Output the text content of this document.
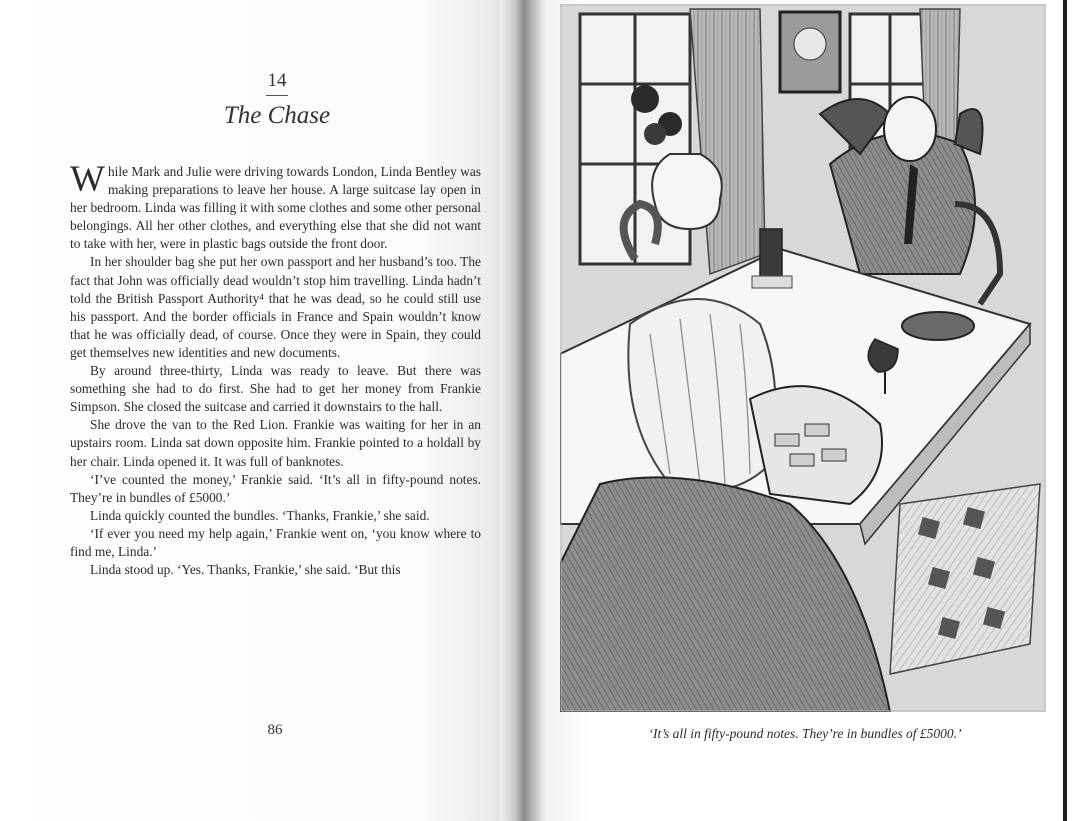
14
The Chase

While Mark and Julie were driving towards London, Linda Bentley was making preparations to leave her house. A large suitcase lay open in her bedroom. Linda was filling it with some clothes and some other personal belongings. All her other clothes, and everything else that she did not want to take with her, were in plastic bags outside the front door.

In her shoulder bag she put her own passport and her husband’s too. The fact that John was officially dead wouldn’t stop him travelling. Linda hadn’t told the British Passport Authority⁴ that he was dead, so he could still use his passport. And the border officials in France and Spain wouldn’t know that he was officially dead, of course. Once they were in Spain, they could get themselves new identities and new documents.

By around three-thirty, Linda was ready to leave. But there was something she had to do first. She had to get her money from Frankie Simpson. She closed the suitcase and carried it downstairs to the hall.

She drove the van to the Red Lion. Frankie was waiting for her in an upstairs room. Linda sat down opposite him. Frankie pointed to a holdall by her chair. Linda opened it. It was full of banknotes.

‘I’ve counted the money,’ Frankie said. ‘It’s all in fifty-pound notes. They’re in bundles of £5000.’

Linda quickly counted the bundles. ‘Thanks, Frankie,’ she said.

‘If ever you need my help again,’ Frankie went on, ‘you know where to find me, Linda.’

Linda stood up. ‘Yes. Thanks, Frankie,’ she said. ‘But this

86	‘It’s all in fifty-pound notes. They’re in bundles of £5000.’
